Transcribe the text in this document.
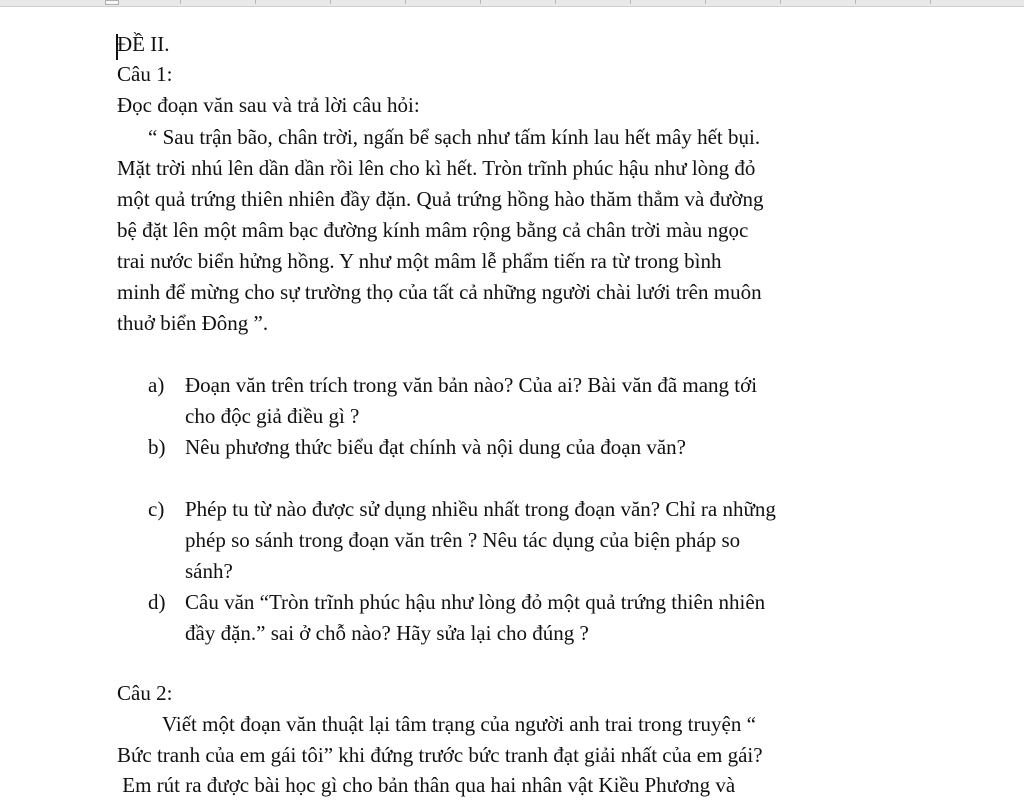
ĐỀ II.
Câu 1:
Đọc đoạn văn sau và trả lời câu hỏi:
“ Sau trận bão, chân trời, ngấn bể sạch như tấm kính lau hết mây hết bụi.
Mặt trời nhú lên dần dần rồi lên cho kì hết. Tròn trĩnh phúc hậu như lòng đỏ
một quả trứng thiên nhiên đầy đặn. Quả trứng hồng hào thăm thẳm và đường
bệ đặt lên một mâm bạc đường kính mâm rộng bằng cả chân trời màu ngọc
trai nước biển hửng hồng. Y như một mâm lễ phẩm tiến ra từ trong bình
minh để mừng cho sự trường thọ của tất cả những người chài lưới trên muôn
thuở biển Đông ”.
a) Đoạn văn trên trích trong văn bản nào? Của ai? Bài văn đã mang tới
cho độc giả điều gì ?
b) Nêu phương thức biểu đạt chính và nội dung của đoạn văn?
c) Phép tu từ nào được sử dụng nhiều nhất trong đoạn văn? Chỉ ra những
phép so sánh trong đoạn văn trên ? Nêu tác dụng của biện pháp so
sánh?
d) Câu văn “Tròn trĩnh phúc hậu như lòng đỏ một quả trứng thiên nhiên
đầy đặn.” sai ở chỗ nào? Hãy sửa lại cho đúng ?
Câu 2:
Viết một đoạn văn thuật lại tâm trạng của người anh trai trong truyện “
Bức tranh của em gái tôi” khi đứng trước bức tranh đạt giải nhất của em gái?
Em rút ra được bài học gì cho bản thân qua hai nhân vật Kiều Phương và
